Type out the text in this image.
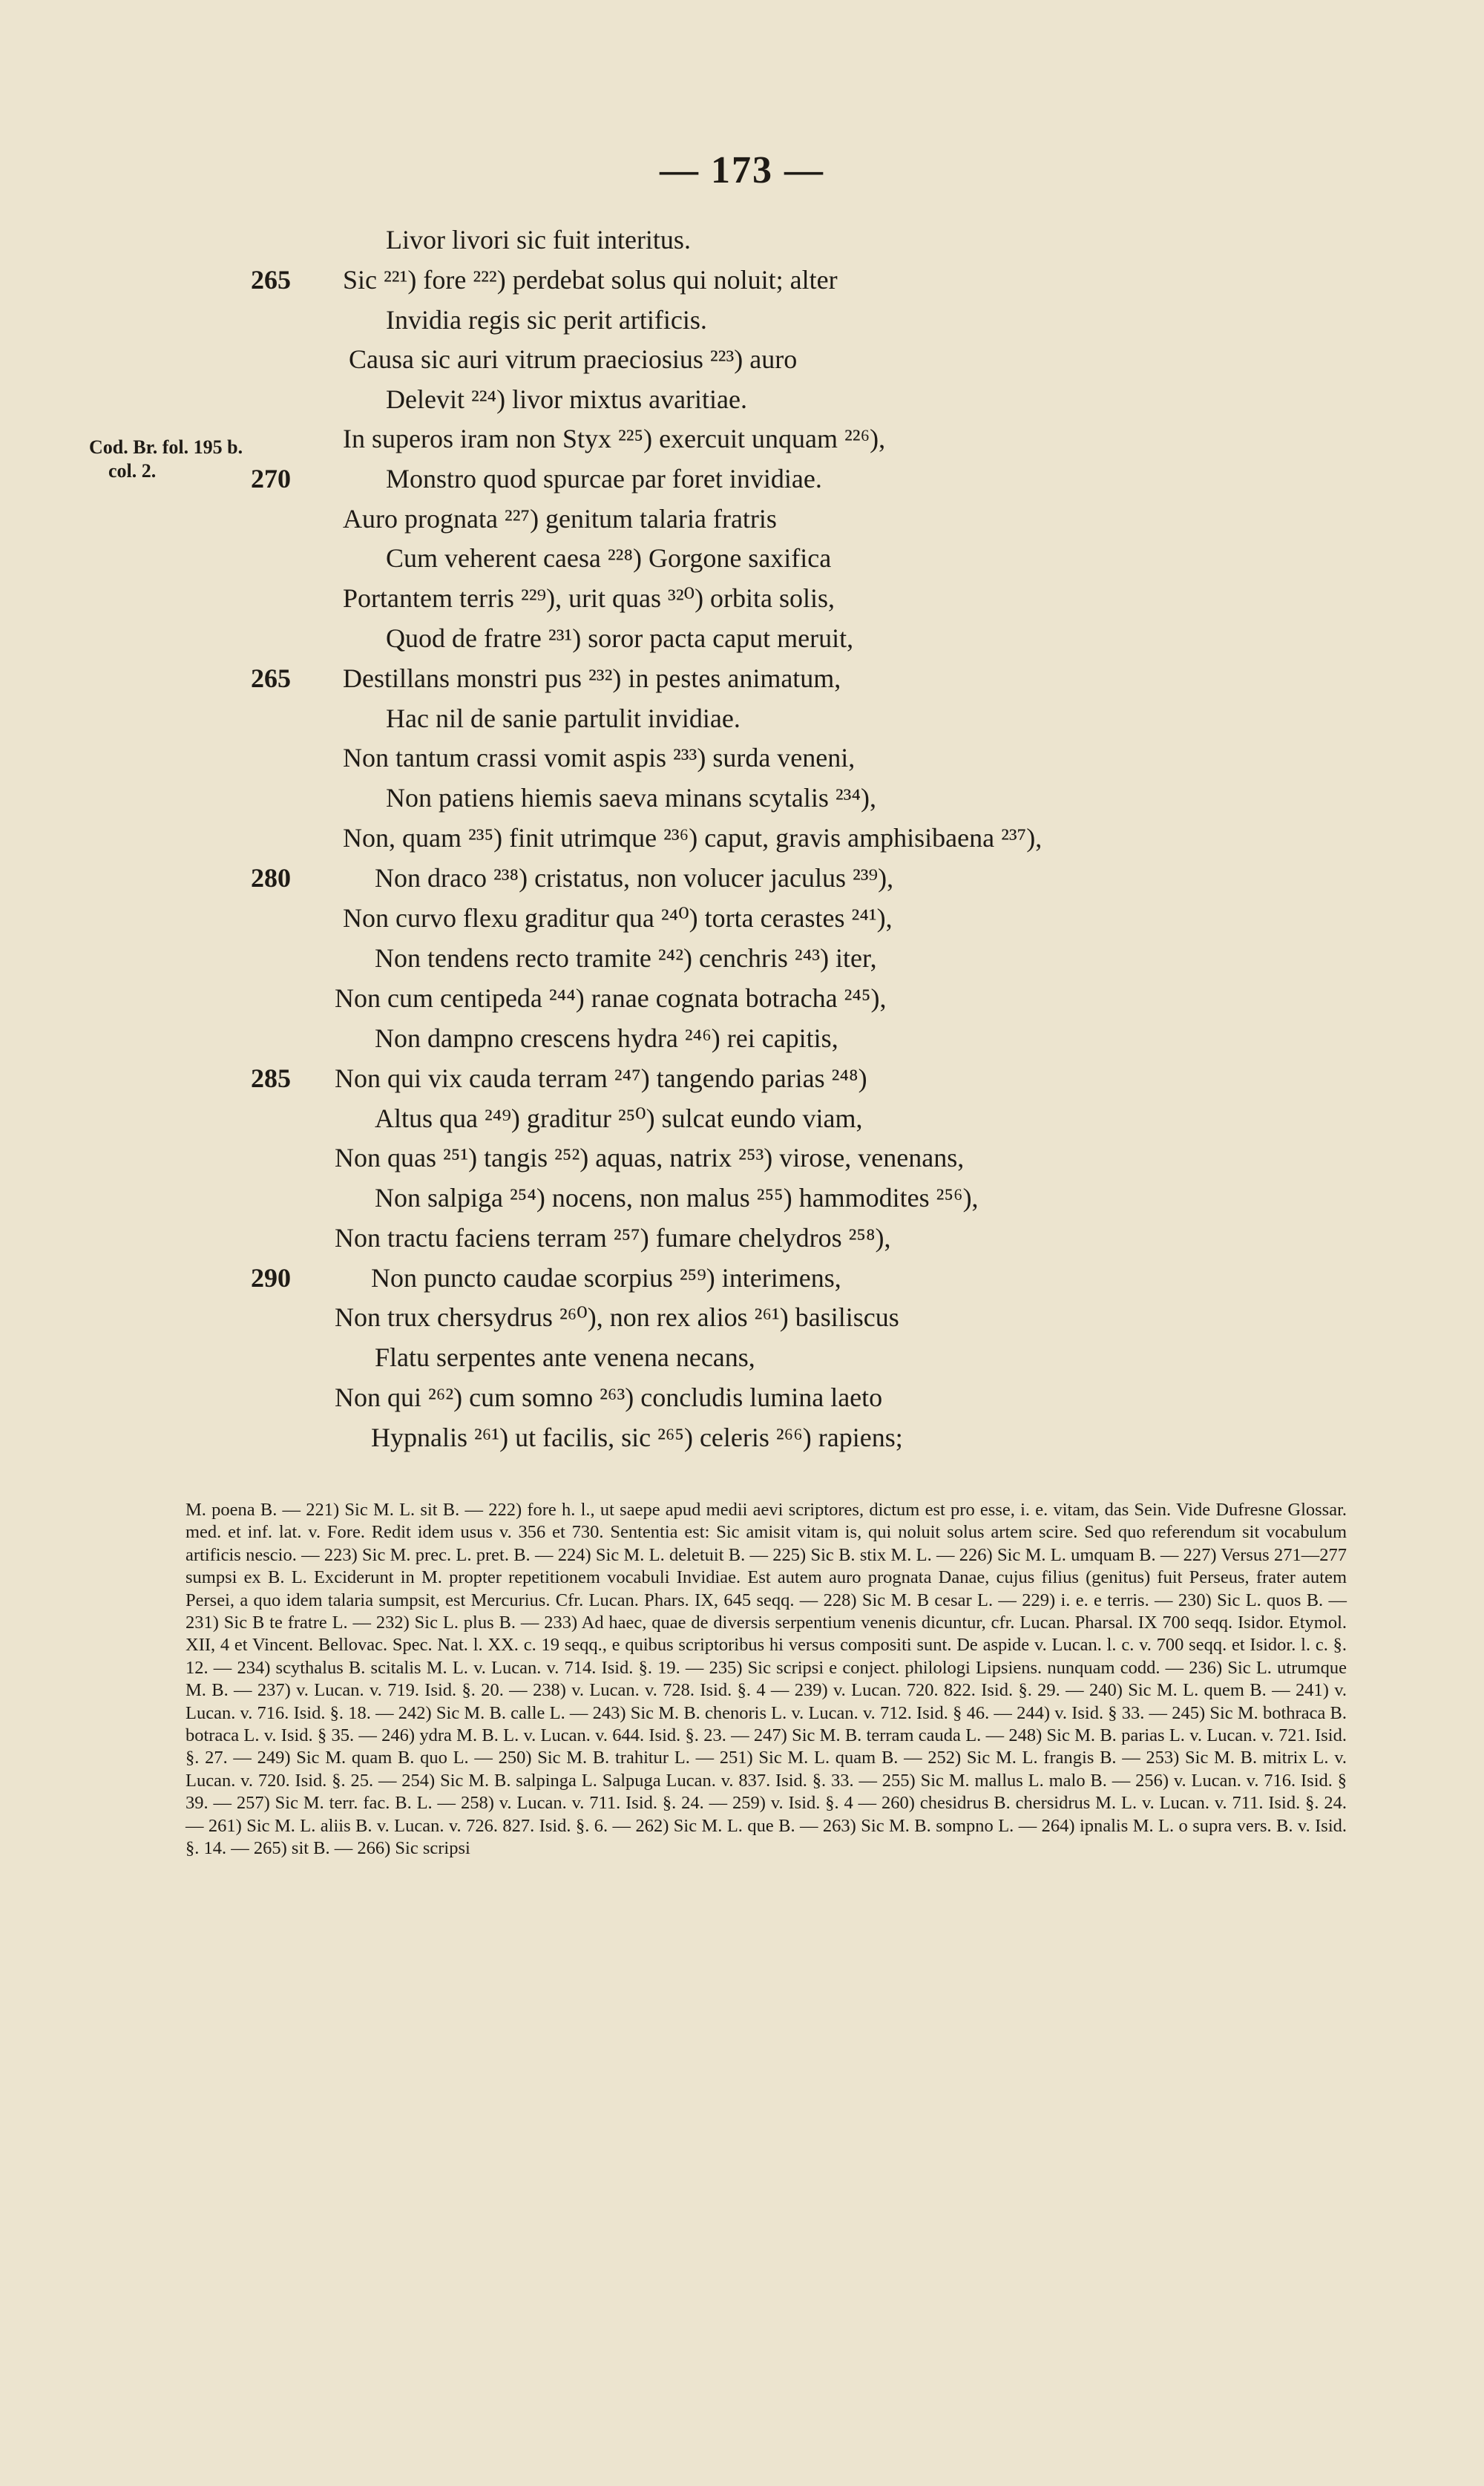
— 173 —
Cod. Br. fol. 195 b.
col. 2.
Livor livori sic fuit interitus.
265 Sic ²²¹) fore ²²²) perdebat solus qui noluit; alter
Invidia regis sic perit artificis.
Causa sic auri vitrum praeciosius ²²³) auro
Delevit ²²⁴) livor mixtus avaritiae.
In superos iram non Styx ²²⁵) exercuit unquam ²²⁶),
270	Monstro quod spurcae par foret invidiae.
Auro prognata ²²⁷) genitum talaria fratris
Cum veherent caesa ²²⁸) Gorgone saxifica
Portantem terris ²²⁹), urit quas ³²⁰) orbita solis,
Quod de fratre ²³¹) soror pacta caput meruit,
265 Destillans monstri pus ²³²) in pestes animatum,
Hac nil de sanie partulit invidiae.
Non tantum crassi vomit aspis ²³³) surda veneni,
Non patiens hiemis saeva minans scytalis ²³⁴),
Non, quam ²³⁵) finit utrimque ²³⁶) caput, gravis amphisibaena ²³⁷),
280	Non draco ²³⁸) cristatus, non volucer jaculus ²³⁹),
Non curvo flexu graditur qua ²⁴⁰) torta cerastes ²⁴¹),
Non tendens recto tramite ²⁴²) cenchris ²⁴³) iter,
Non cum centipeda ²⁴⁴) ranae cognata botracha ²⁴⁵),
Non dampno crescens hydra ²⁴⁶) rei capitis,
285 Non qui vix cauda terram ²⁴⁷) tangendo parias ²⁴⁸)
Altus qua ²⁴⁹) graditur ²⁵⁰) sulcat eundo viam,
Non quas ²⁵¹) tangis ²⁵²) aquas, natrix ²⁵³) virose, venenans,
Non salpiga ²⁵⁴) nocens, non malus ²⁵⁵) hammodites ²⁵⁶),
Non tractu faciens terram ²⁵⁷) fumare chelydros ²⁵⁸),
290	Non puncto caudae scorpius ²⁵⁹) interimens,
Non trux chersydrus ²⁶⁰), non rex alios ²⁶¹) basiliscus
Flatu serpentes ante venena necans,
Non qui ²⁶²) cum somno ²⁶³) concludis lumina laeto
Hypnalis ²⁶¹) ut facilis, sic ²⁶⁵) celeris ²⁶⁶) rapiens;

M. poena B. — 221) Sic M. L. sit B. — 222) fore h. l., ut saepe apud medii aevi scriptores, dictum est pro esse, i. e. vitam, das Sein. Vide Dufresne Glossar. med. et inf. lat. v. Fore. Redit idem usus v. 356 et 730. Sententia est: Sic amisit vitam is, qui noluit solus artem scire. Sed quo referendum sit vocabulum artificis nescio. — 223) Sic M. prec. L. pret. B. — 224) Sic M. L. deletuit B. — 225) Sic B. stix M. L. — 226) Sic M. L. umquam B. — 227) Versus 271—277 sumpsi ex B. L. Exciderunt in M. propter repetitionem vocabuli Invidiae. Est autem auro prognata Danae, cujus filius (genitus) fuit Perseus, frater autem Persei, a quo idem talaria sumpsit, est Mercurius. Cfr. Lucan. Phars. IX, 645 seqq. — 228) Sic M. B cesar L. — 229) i. e. e terris. — 230) Sic L. quos B. — 231) Sic B te fratre L. — 232) Sic L. plus B. — 233) Ad haec, quae de diversis serpentium venenis dicuntur, cfr. Lucan. Pharsal. IX 700 seqq. Isidor. Etymol. XII, 4 et Vincent. Bellovac. Spec. Nat. l. XX. c. 19 seqq., e quibus scriptoribus hi versus compositi sunt. De aspide v. Lucan. l. c. v. 700 seqq. et Isidor. l. c. §. 12. — 234) scythalus B. scitalis M. L. v. Lucan. v. 714. Isid. §. 19. — 235) Sic scripsi e conject. philologi Lipsiens. nunquam codd. — 236) Sic L. utrumque M. B. — 237) v. Lucan. v. 719. Isid. §. 20. — 238) v. Lucan. v. 728. Isid. §. 4 — 239) v. Lucan. 720. 822. Isid. §. 29. — 240) Sic M. L. quem B. — 241) v. Lucan. v. 716. Isid. §. 18. — 242) Sic M. B. calle L. — 243) Sic M. B. chenoris L. v. Lucan. v. 712. Isid. § 46. — 244) v. Isid. § 33. — 245) Sic M. bothraca B. botraca L. v. Isid. § 35. — 246) ydra M. B. L. v. Lucan. v. 644. Isid. §. 23. — 247) Sic M. B. terram cauda L. — 248) Sic M. B. parias L. v. Lucan. v. 721. Isid. §. 27. — 249) Sic M. quam B. quo L. — 250) Sic M. B. trahitur L. — 251) Sic M. L. quam B. — 252) Sic M. L. frangis B. — 253) Sic M. B. mitrix L. v. Lucan. v. 720. Isid. §. 25. — 254) Sic M. B. salpinga L. Salpuga Lucan. v. 837. Isid. §. 33. — 255) Sic M. mallus L. malo B. — 256) v. Lucan. v. 716. Isid. § 39. — 257) Sic M. terr. fac. B. L. — 258) v. Lucan. v. 711. Isid. §. 24. — 259) v. Isid. §. 4 — 260) chesidrus B. chersidrus M. L. v. Lucan. v. 711. Isid. §. 24. — 261) Sic M. L. aliis B. v. Lucan. v. 726. 827. Isid. §. 6. — 262) Sic M. L. que B. — 263) Sic M. B. sompno L. — 264) ipnalis M. L. o supra vers. B. v. Isid. §. 14. — 265) sit B. — 266) Sic scripsi
